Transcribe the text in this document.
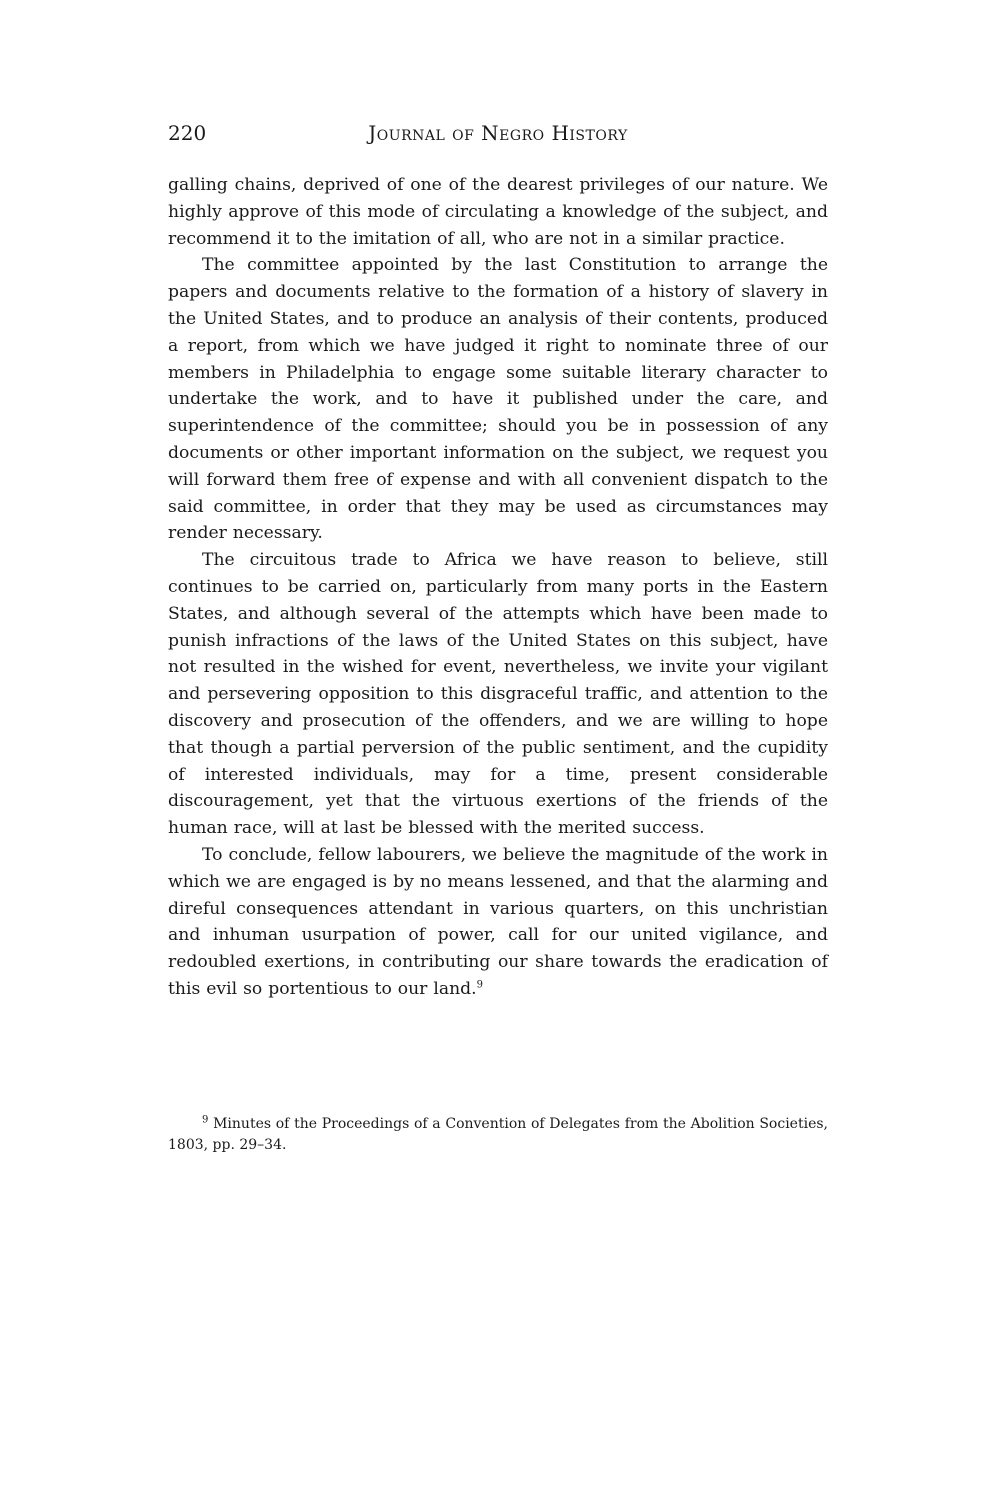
220	Journal of Negro History

galling chains, deprived of one of the dearest privileges of our nature. We highly approve of this mode of circulating a knowledge of the subject, and recommend it to the imitation of all, who are not in a similar practice.

The committee appointed by the last Constitution to arrange the papers and documents relative to the formation of a history of slavery in the United States, and to produce an analysis of their contents, produced a report, from which we have judged it right to nominate three of our members in Philadelphia to engage some suitable literary character to undertake the work, and to have it published under the care, and superintendence of the committee; should you be in possession of any documents or other important information on the subject, we request you will forward them free of expense and with all convenient dispatch to the said committee, in order that they may be used as circumstances may render necessary.

The circuitous trade to Africa we have reason to believe, still continues to be carried on, particularly from many ports in the Eastern States, and although several of the attempts which have been made to punish infractions of the laws of the United States on this subject, have not resulted in the wished for event, nevertheless, we invite your vigilant and persevering opposition to this disgraceful traffic, and attention to the discovery and prosecution of the offenders, and we are willing to hope that though a partial perversion of the public sentiment, and the cupidity of interested individuals, may for a time, present considerable discouragement, yet that the virtuous exertions of the friends of the human race, will at last be blessed with the merited success.

To conclude, fellow labourers, we believe the magnitude of the work in which we are engaged is by no means lessened, and that the alarming and direful consequences attendant in various quarters, on this unchristian and inhuman usurpation of power, call for our united vigilance, and redoubled exertions, in contributing our share towards the eradication of this evil so portentious to our land.$^9$

$^9$ Minutes of the Proceedings of a Convention of Delegates from the Abolition Societies, 1803, pp. 29–34.
